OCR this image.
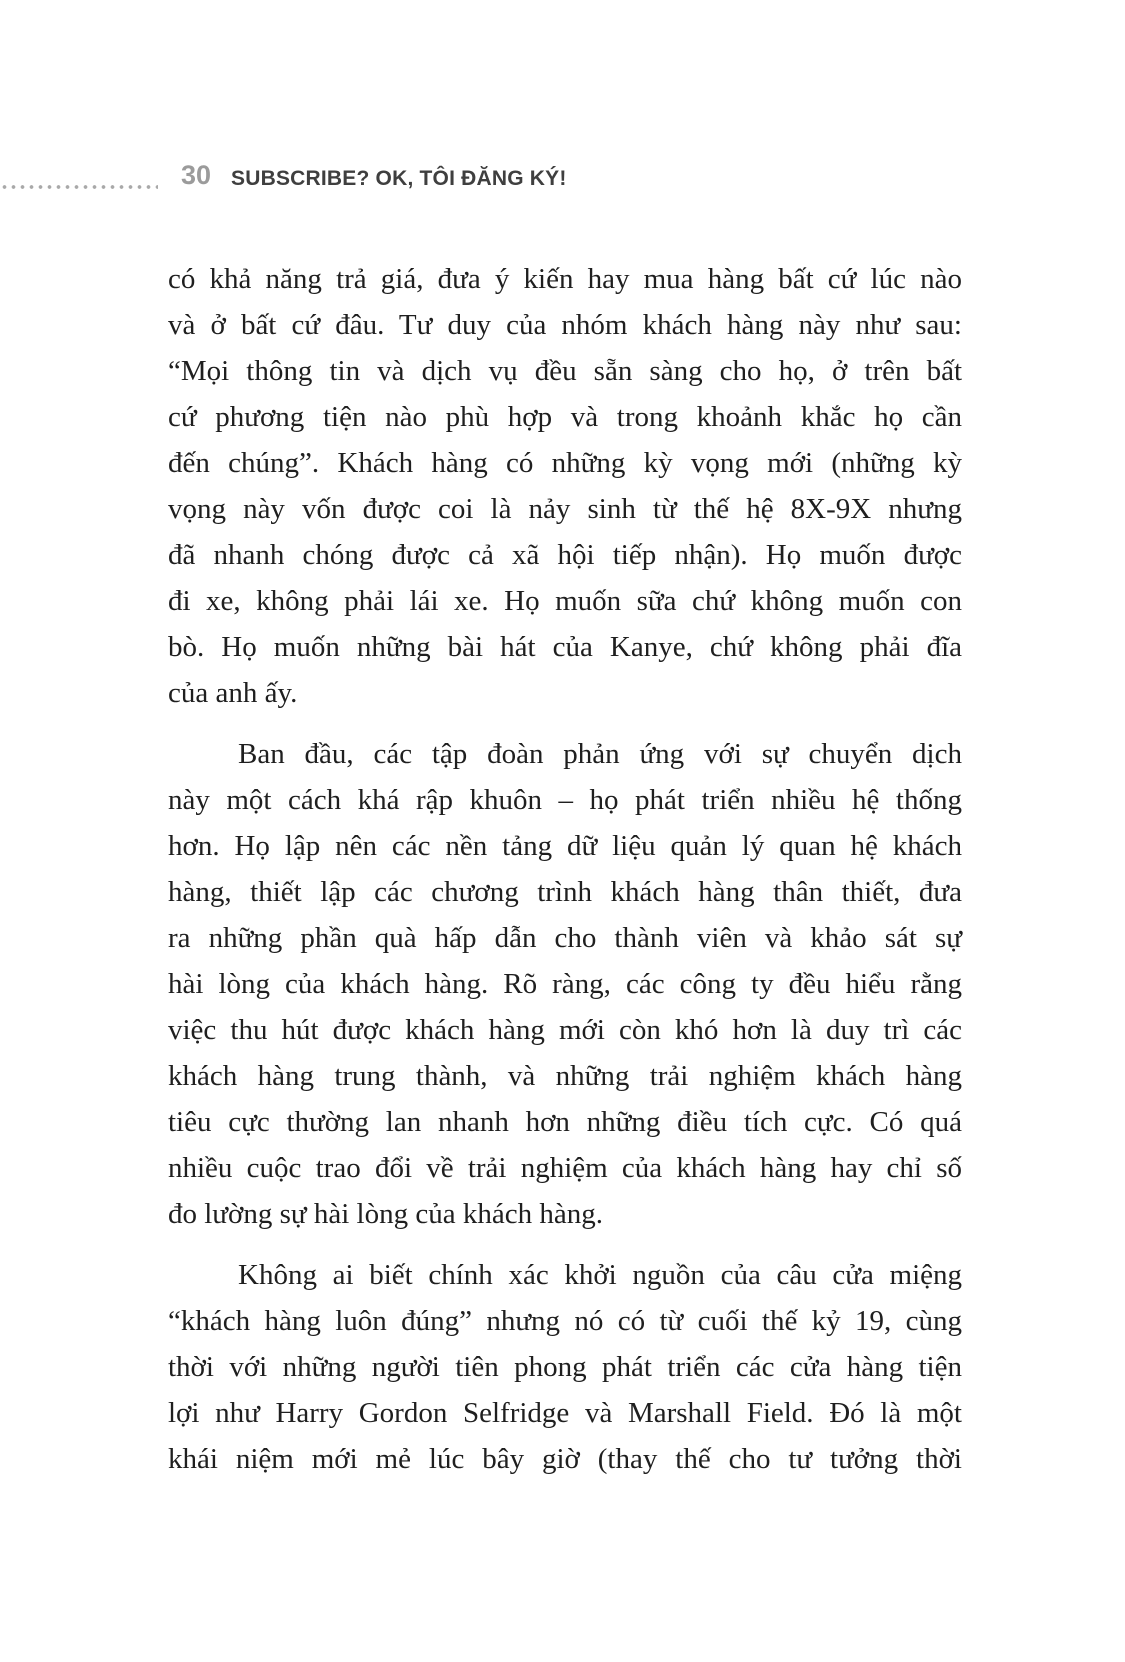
30 SUBSCRIBE? OK, TÔI ĐĂNG KÝ!
có khả năng trả giá, đưa ý kiến hay mua hàng bất cứ lúc nào
và ở bất cứ đâu. Tư duy của nhóm khách hàng này như sau:
“Mọi thông tin và dịch vụ đều sẵn sàng cho họ, ở trên bất
cứ phương tiện nào phù hợp và trong khoảnh khắc họ cần
đến chúng”. Khách hàng có những kỳ vọng mới (những kỳ
vọng này vốn được coi là nảy sinh từ thế hệ 8X-9X nhưng
đã nhanh chóng được cả xã hội tiếp nhận). Họ muốn được
đi xe, không phải lái xe. Họ muốn sữa chứ không muốn con
bò. Họ muốn những bài hát của Kanye, chứ không phải đĩa
của anh ấy.
Ban đầu, các tập đoàn phản ứng với sự chuyển dịch
này một cách khá rập khuôn – họ phát triển nhiều hệ thống
hơn. Họ lập nên các nền tảng dữ liệu quản lý quan hệ khách
hàng, thiết lập các chương trình khách hàng thân thiết, đưa
ra những phần quà hấp dẫn cho thành viên và khảo sát sự
hài lòng của khách hàng. Rõ ràng, các công ty đều hiểu rằng
việc thu hút được khách hàng mới còn khó hơn là duy trì các
khách hàng trung thành, và những trải nghiệm khách hàng
tiêu cực thường lan nhanh hơn những điều tích cực. Có quá
nhiều cuộc trao đổi về trải nghiệm của khách hàng hay chỉ số
đo lường sự hài lòng của khách hàng.
Không ai biết chính xác khởi nguồn của câu cửa miệng
“khách hàng luôn đúng” nhưng nó có từ cuối thế kỷ 19, cùng
thời với những người tiên phong phát triển các cửa hàng tiện
lợi như Harry Gordon Selfridge và Marshall Field. Đó là một
khái niệm mới mẻ lúc bây giờ (thay thế cho tư tưởng thời
